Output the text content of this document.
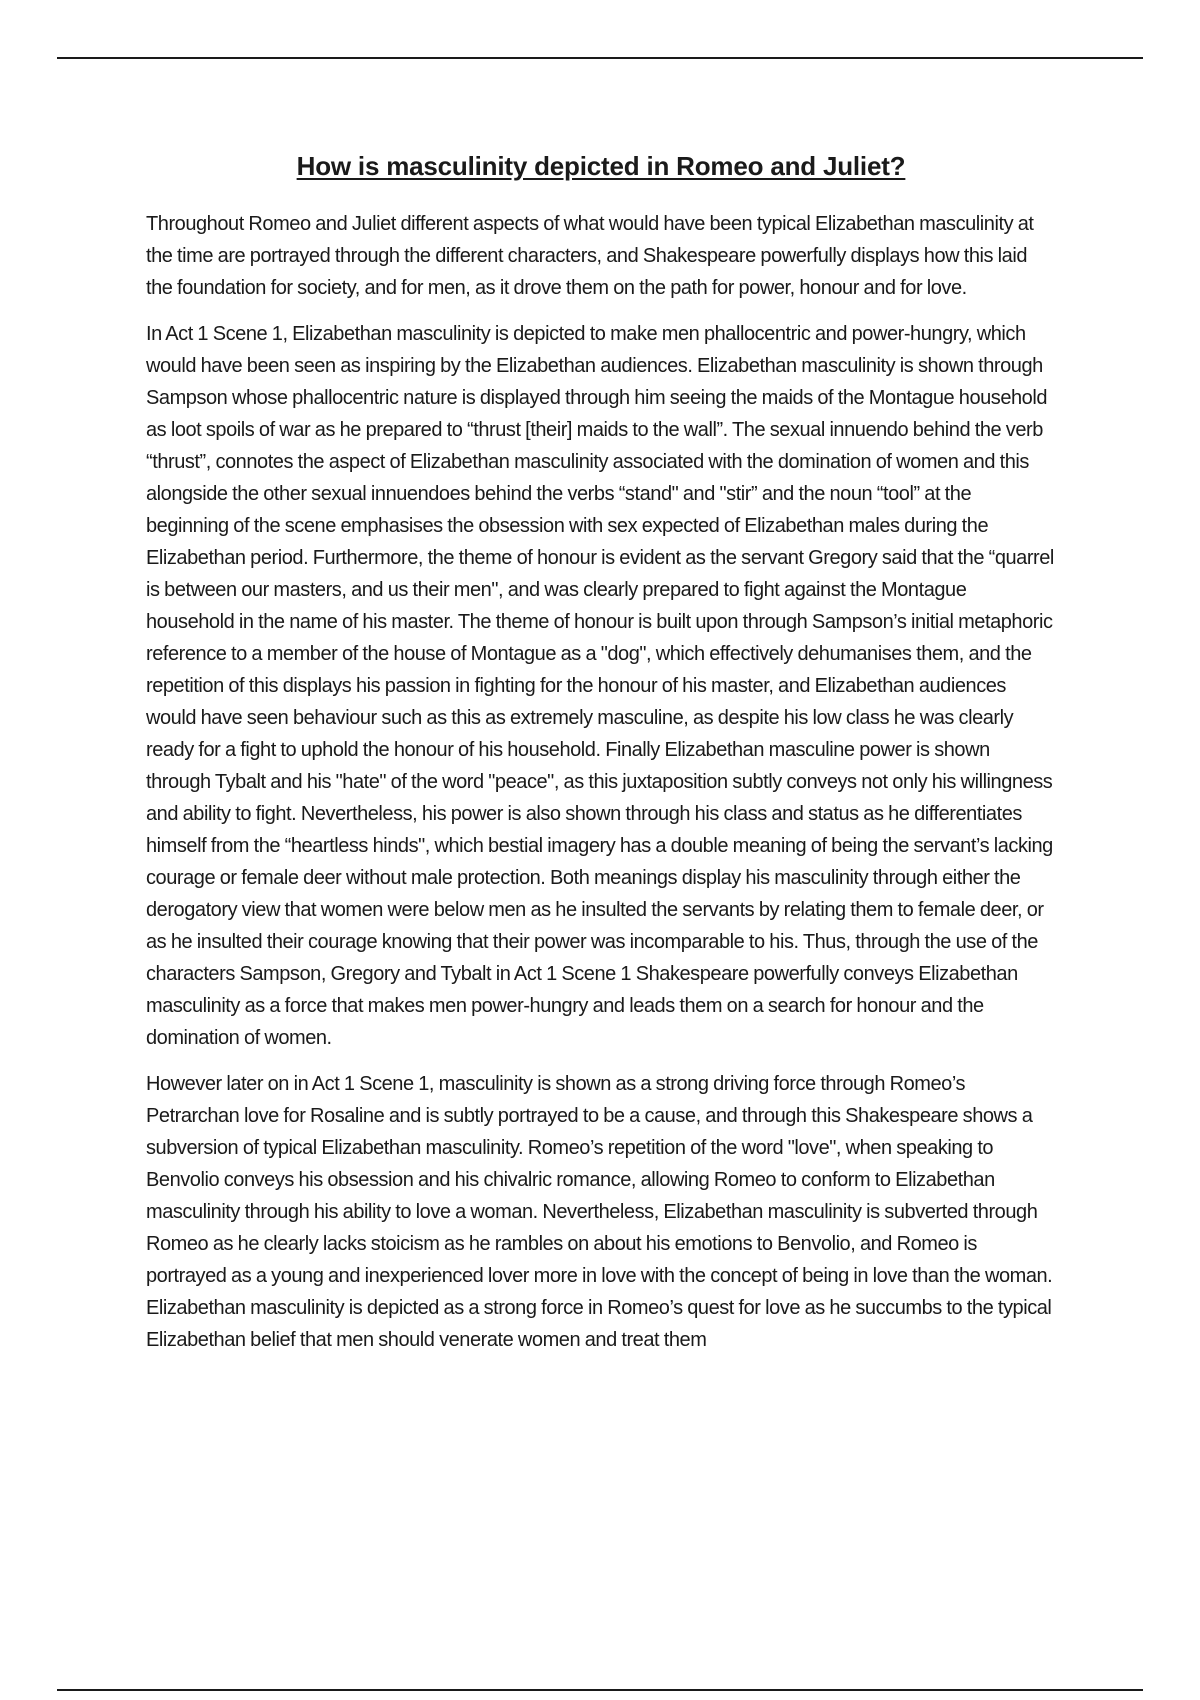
How is masculinity depicted in Romeo and Juliet?

Throughout Romeo and Juliet different aspects of what would have been typical Elizabethan masculinity at the time are portrayed through the different characters, and Shakespeare powerfully displays how this laid the foundation for society, and for men, as it drove them on the path for power, honour and for love.

In Act 1 Scene 1, Elizabethan masculinity is depicted to make men phallocentric and power-hungry, which would have been seen as inspiring by the Elizabethan audiences. Elizabethan masculinity is shown through Sampson whose phallocentric nature is displayed through him seeing the maids of the Montague household as loot spoils of war as he prepared to “thrust [their] maids to the wall”. The sexual innuendo behind the verb “thrust”, connotes the aspect of Elizabethan masculinity associated with the domination of women and this alongside the other sexual innuendoes behind the verbs “stand" and "stir” and the noun “tool” at the beginning of the scene emphasises the obsession with sex expected of Elizabethan males during the Elizabethan period. Furthermore, the theme of honour is evident as the servant Gregory said that the “quarrel is between our masters, and us their men", and was clearly prepared to fight against the Montague household in the name of his master. The theme of honour is built upon through Sampson’s initial metaphoric reference to a member of the house of Montague as a "dog", which effectively dehumanises them, and the repetition of this displays his passion in fighting for the honour of his master, and Elizabethan audiences would have seen behaviour such as this as extremely masculine, as despite his low class he was clearly ready for a fight to uphold the honour of his household. Finally Elizabethan masculine power is shown through Tybalt and his "hate" of the word "peace", as this juxtaposition subtly conveys not only his willingness and ability to fight. Nevertheless, his power is also shown through his class and status as he differentiates himself from the “heartless hinds", which bestial imagery has a double meaning of being the servant’s lacking courage or female deer without male protection. Both meanings display his masculinity through either the derogatory view that women were below men as he insulted the servants by relating them to female deer, or as he insulted their courage knowing that their power was incomparable to his. Thus, through the use of the characters Sampson, Gregory and Tybalt in Act 1 Scene 1 Shakespeare powerfully conveys Elizabethan masculinity as a force that makes men power-hungry and leads them on a search for honour and the domination of women.

However later on in Act 1 Scene 1, masculinity is shown as a strong driving force through Romeo’s Petrarchan love for Rosaline and is subtly portrayed to be a cause, and through this Shakespeare shows a subversion of typical Elizabethan masculinity. Romeo’s repetition of the word "love", when speaking to Benvolio conveys his obsession and his chivalric romance, allowing Romeo to conform to Elizabethan masculinity through his ability to love a woman. Nevertheless, Elizabethan masculinity is subverted through Romeo as he clearly lacks stoicism as he rambles on about his emotions to Benvolio, and Romeo is portrayed as a young and inexperienced lover more in love with the concept of being in love than the woman. Elizabethan masculinity is depicted as a strong force in Romeo’s quest for love as he succumbs to the typical Elizabethan belief that men should venerate women and treat them
